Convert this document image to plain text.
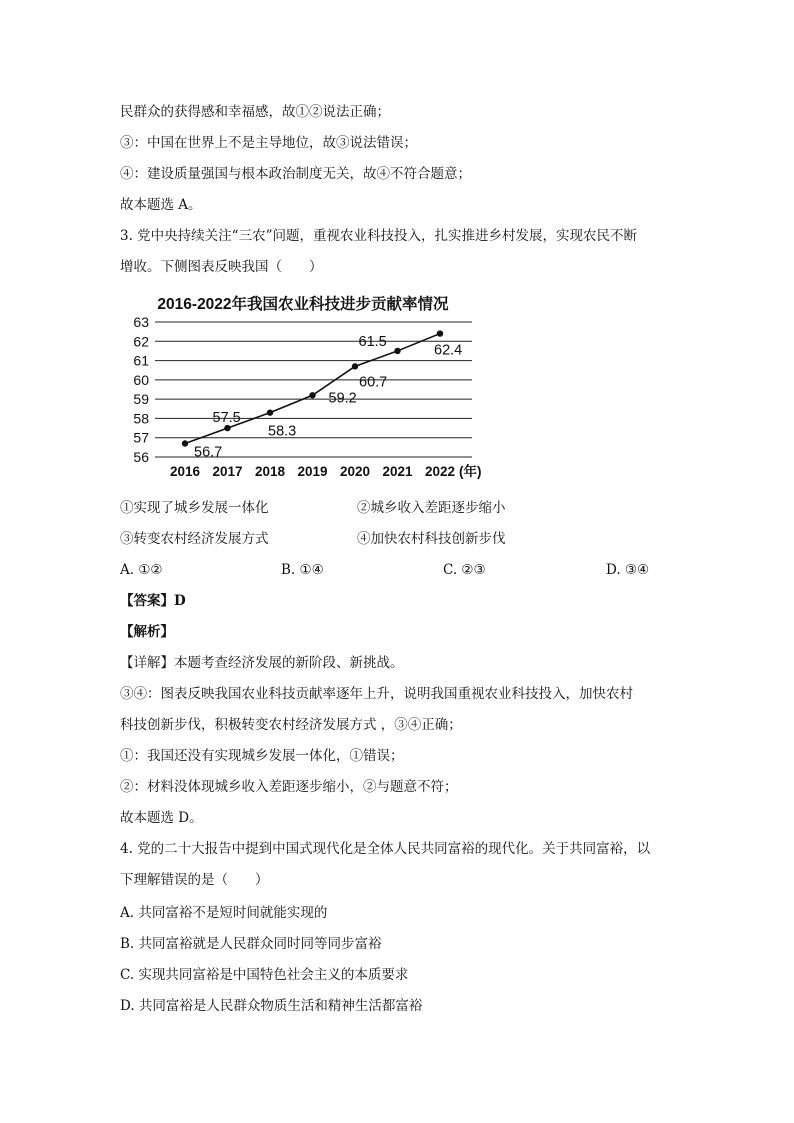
民群众的获得感和幸福感，故①②说法正确；
③：中国在世界上不是主导地位，故③说法错误；
④：建设质量强国与根本政治制度无关，故④不符合题意；
故本题选 A。
3. 党中央持续关注“三农”问题，重视农业科技投入，扎实推进乡村发展，实现农民不断
增收。下侧图表反映我国（　　）
2016-2022年我国农业科技进步贡献率情况
56
57
58
59
60
61
62
63
2016 2017 2018 2019 2020 2021 2022 (年)
56.7
57.5
58.3
59.2
60.7
61.5
62.4
①实现了城乡发展一体化	②城乡收入差距逐步缩小
③转变农村经济发展方式	④加快农村科技创新步伐
A. ①②	B. ①④	C. ②③	D. ③④
【答案】D
【解析】
【详解】本题考查经济发展的新阶段、新挑战。
③④：图表反映我国农业科技贡献率逐年上升，说明我国重视农业科技投入，加快农村
科技创新步伐，积极转变农村经济发展方式 ，③④正确；
①：我国还没有实现城乡发展一体化，①错误；
②：材料没体现城乡收入差距逐步缩小，②与题意不符；
故本题选 D。
4. 党的二十大报告中提到中国式现代化是全体人民共同富裕的现代化。关于共同富裕，以
下理解错误的是（　　）
A. 共同富裕不是短时间就能实现的
B. 共同富裕就是人民群众同时同等同步富裕
C. 实现共同富裕是中国特色社会主义的本质要求
D. 共同富裕是人民群众物质生活和精神生活都富裕
